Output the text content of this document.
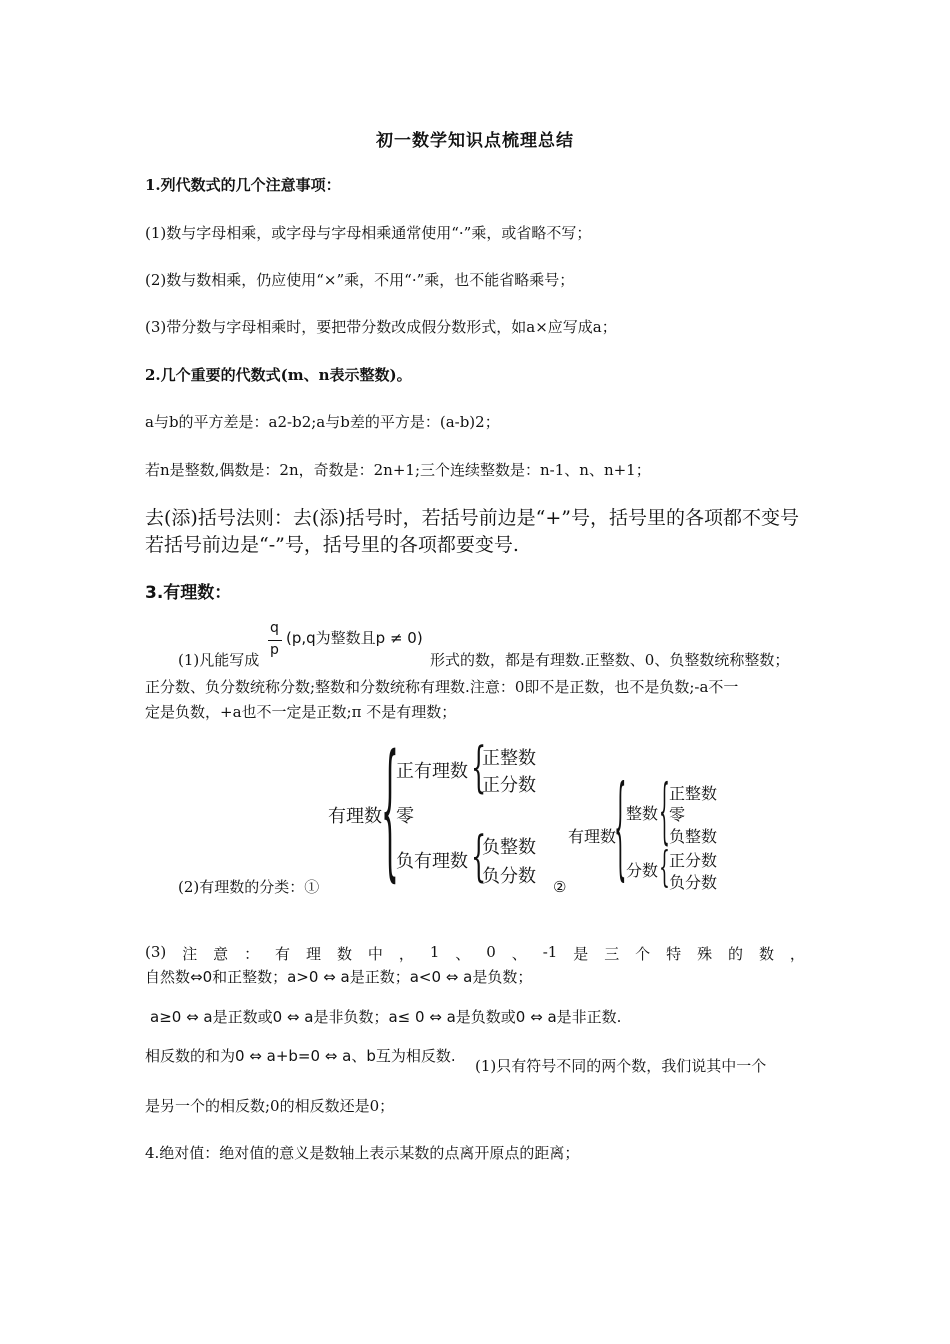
初一数学知识点梳理总结
1.列代数式的几个注意事项：
(1)数与字母相乘，或字母与字母相乘通常使用“·”乘，或省略不写；
(2)数与数相乘，仍应使用“×”乘，不用“·”乘，也不能省略乘号；
(3)带分数与字母相乘时，要把带分数改成假分数形式，如a×应写成a；
2.几个重要的代数式(m、n表示整数)。
a与b的平方差是：a2-b2;a与b差的平方是：(a-b)2；
若n是整数,偶数是：2n，奇数是：2n+1;三个连续整数是：n-1、n、n+1；
去(添)括号法则：去(添)括号时，若括号前边是“+”号，括号里的各项都不变号
若括号前边是“-”号，括号里的各项都要变号.
3.有理数：
q
p
(p,q为整数且p ≠ 0)
(1)凡能写成	形式的数，都是有理数.正整数、0、负整数统称整数；
正分数、负分数统称分数;整数和分数统称有理数.注意：0即不是正数，也不是负数;-a不一
定是负数，+a也不一定是正数;π 不是有理数；
有理数 {
正有理数 {
正整数
正分数
零
负有理数 {
负整数
负分数
(2)有理数的分类：①	②
有理数
{ 整数 { 正整数
零
负整数
分数 { 正分数
负分数
(3) 注 意 ： 有 理 数 中 ， 1 、 0 、 -1 是 三 个 特 殊 的 数 ，
自然数⇔0和正整数；a>0 ⇔ a是正数；a<0 ⇔ a是负数；
a≥0 ⇔ a是正数或0 ⇔ a是非负数；a≤ 0 ⇔ a是负数或0 ⇔ a是非正数.
相反数的和为0 ⇔ a+b=0 ⇔ a、b互为相反数.
(1)只有符号不同的两个数，我们说其中一个
是另一个的相反数;0的相反数还是0；
4.绝对值：绝对值的意义是数轴上表示某数的点离开原点的距离；
